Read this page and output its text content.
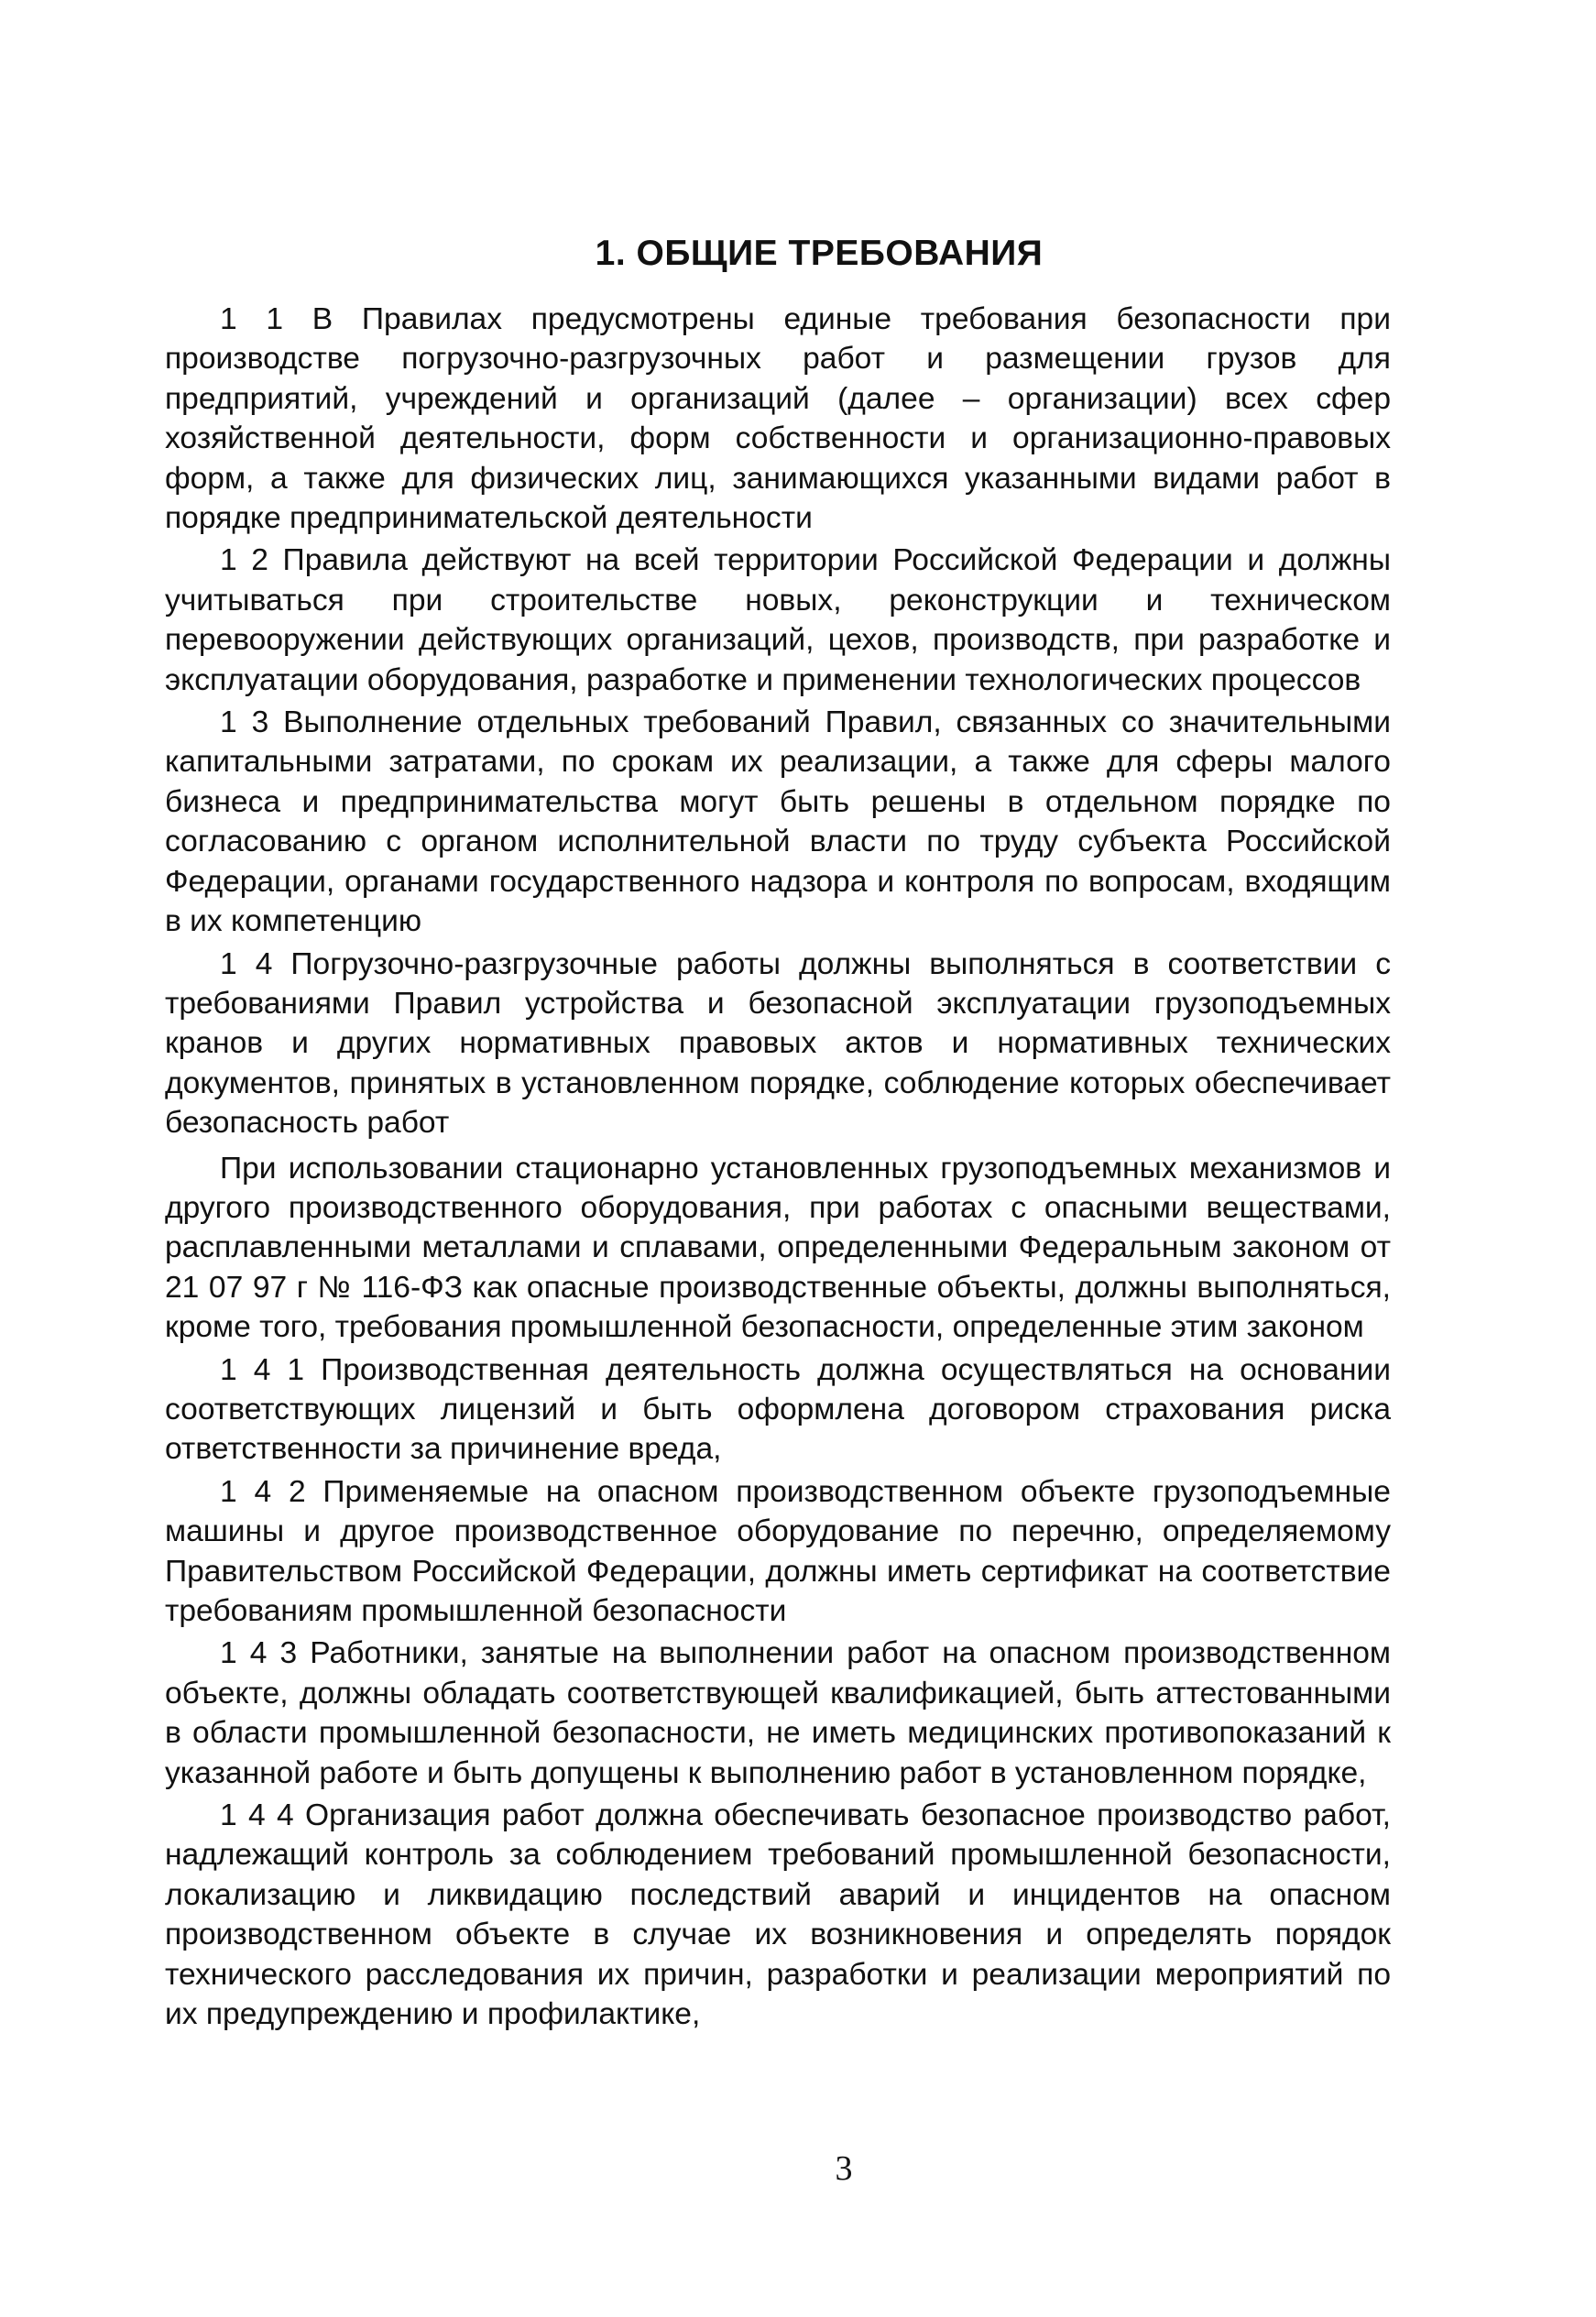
1. ОБЩИЕ ТРЕБОВАНИЯ

1 1 В Правилах предусмотрены единые требования безопасности при производстве погрузочно-разгрузочных работ и размещении грузов для предприятий, учреждений и организаций (далее – организации) всех сфер хозяйственной деятельности, форм собственности и организационно-правовых форм, а также для физических лиц, занимающихся указанными видами работ в порядке предпринимательской деятельности

1 2 Правила действуют на всей территории Российской Федерации и должны учитываться при строительстве новых, реконструкции и техническом перевооружении действующих организаций, цехов, производств, при разработке и эксплуатации оборудования, разработке и применении технологических процессов

1 3 Выполнение отдельных требований Правил, связанных со значительными капитальными затратами, по срокам их реализации, а также для сферы малого бизнеса и предпринимательства могут быть решены в отдельном порядке по согласованию с органом исполнительной власти по труду субъекта Российской Федерации, органами государственного надзора и контроля по вопросам, входящим в их компетенцию

1 4 Погрузочно-разгрузочные работы должны выполняться в соответствии с требованиями Правил устройства и безопасной эксплуатации грузоподъемных кранов и других нормативных правовых актов и нормативных технических документов, принятых в установленном порядке, соблюдение которых обеспечивает безопасность работ

При использовании стационарно установленных грузоподъемных механизмов и другого производственного оборудования, при работах с опасными веществами, расплавленными металлами и сплавами, определенными Федеральным законом от 21 07 97 г № 116-ФЗ как опасные производственные объекты, должны выполняться, кроме того, требования промышленной безопасности, определенные этим законом

1 4 1 Производственная деятельность должна осуществляться на основании соответствующих лицензий и быть оформлена договором страхования риска ответственности за причинение вреда,

1 4 2 Применяемые на опасном производственном объекте грузоподъемные машины и другое производственное оборудование по перечню, определяемому Правительством Российской Федерации, должны иметь сертификат на соответствие требованиям промышленной безопасности

1 4 3 Работники, занятые на выполнении работ на опасном производственном объекте, должны обладать соответствующей квалификацией, быть аттестованными в области промышленной безопасности, не иметь медицинских противопоказаний к указанной работе и быть допущены к выполнению работ в установленном порядке,

1 4 4 Организация работ должна обеспечивать безопасное производство работ, надлежащий контроль за соблюдением требований промышленной безопасности, локализацию и ликвидацию последствий аварий и инцидентов на опасном производственном объекте в случае их возникновения и определять порядок технического расследования их причин, разработки и реализации мероприятий по их предупреждению и профилактике,

3
